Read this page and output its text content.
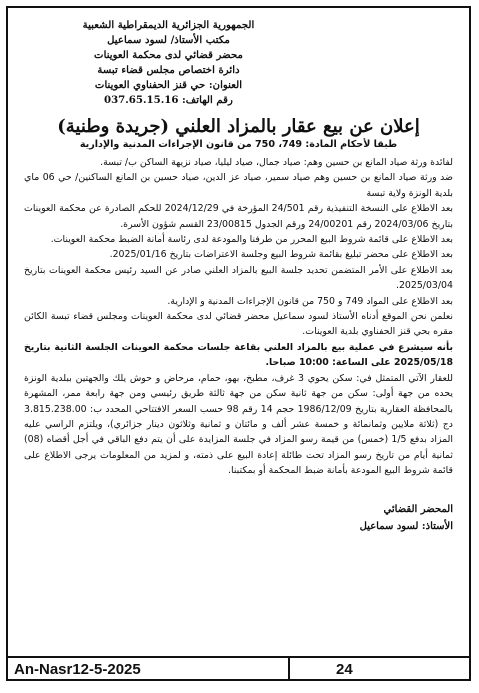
الجمهورية الجزائرية الديمقراطية الشعبية
مكتب الأستاذ/ لسود سماعيل
محضر قضائي لدى محكمة العوينات
دائرة اختصاص مجلس قضاء تبسة
العنوان: حي قنز الحفناوي العوينات
رقم الهاتف: 037.65.15.16
إعلان عن بيع عقار بالمزاد العلني (جريدة وطنية)
طبقا لأحكام المادة: 749، 750 من قانون الإجراءات المدنية والإدارية

لفائدة ورثة صياد المانع بن حسين وهم: صياد جمال، صياد ليليا، صياد نزيهة الساكن ب/ تبسة.

ضد ورثة صياد المانع بن حسين وهم صياد سمير، صياد عز الدين، صياد حسين بن المانع الساكنين/ حي 06 ماي بلدية الونزة ولاية تبسة

بعد الاطلاع على النسخة التنفيذية رقم 24/501 المؤرخة في 2024/12/29 للحكم الصادرة عن محكمة العوينات بتاريخ 2024/03/06 رقم 24/00201 ورقم الجدول 23/00815 القسم شؤون الأسرة.

بعد الاطلاع على قائمة شروط البيع المحرر من طرفنا والمودعة لدى رئاسة أمانة الضبط محكمة العوينات.

بعد الاطلاع على محضر تبليغ بقائمة شروط البيع وجلسة الاعتراضات بتاريخ 2025/01/16.

بعد الاطلاع على الأمر المتضمن تحديد جلسة البيع بالمزاد العلني صادر عن السيد رئيس محكمة العوينات بتاريخ 2025/03/04.

بعد الاطلاع على المواد 749 و 750 من قانون الإجراءات المدنية و الإدارية.

نعلمن نحن الموقع أدناه الأستاذ لسود سماعيل محضر قضائي لدى محكمة العوينات ومجلس قضاء تبسة الكائن مقره بحي قنز الحفناوي بلدية العوينات.

بأنه سيشرع في عملية بيع بالمزاد العلني بقاعة جلسات محكمة العوينات الجلسة الثانية بتاريخ 2025/05/18 على الساعة: 10:00 صباحا.

للعقار الآتي المتمثل في: سكن يحوي 3 غرف، مطبخ، بهو، حمام، مرحاض و حوش يلك والجهتين ببلدية الونزة يحده من جهة أولى: سكن من جهة ثانية سكن من جهة ثالثة طريق رئيسي ومن جهة رابعة ممر، المشهرة بالمحافظة العقارية بتاريخ 1986/12/09 حجم 14 رقم 98 حسب السعر الافتتاحي المحدد ب: 3.815.238.00 دج (ثلاثة ملايين وثمانمائة و خمسة عشر ألف و مائتان و ثمانية وثلاثون دينار جزائري)، ويلتزم الراسي عليه المزاد بدفع 1/5 (خمس) من قيمة رسو المزاد في جلسة المزايدة على أن يتم دفع الباقي في أجل أقصاه (08) ثمانية أيام من تاريخ رسو المزاد تحت طائلة إعادة البيع على ذمته، و لمزيد من المعلومات يرجى الاطلاع على قائمة شروط البيع المودعة بأمانة ضبط المحكمة أو بمكتبنا.

المحضر القضائي
الأستاذ: لسود سماعيل
An-Nasr12-5-2025	24
